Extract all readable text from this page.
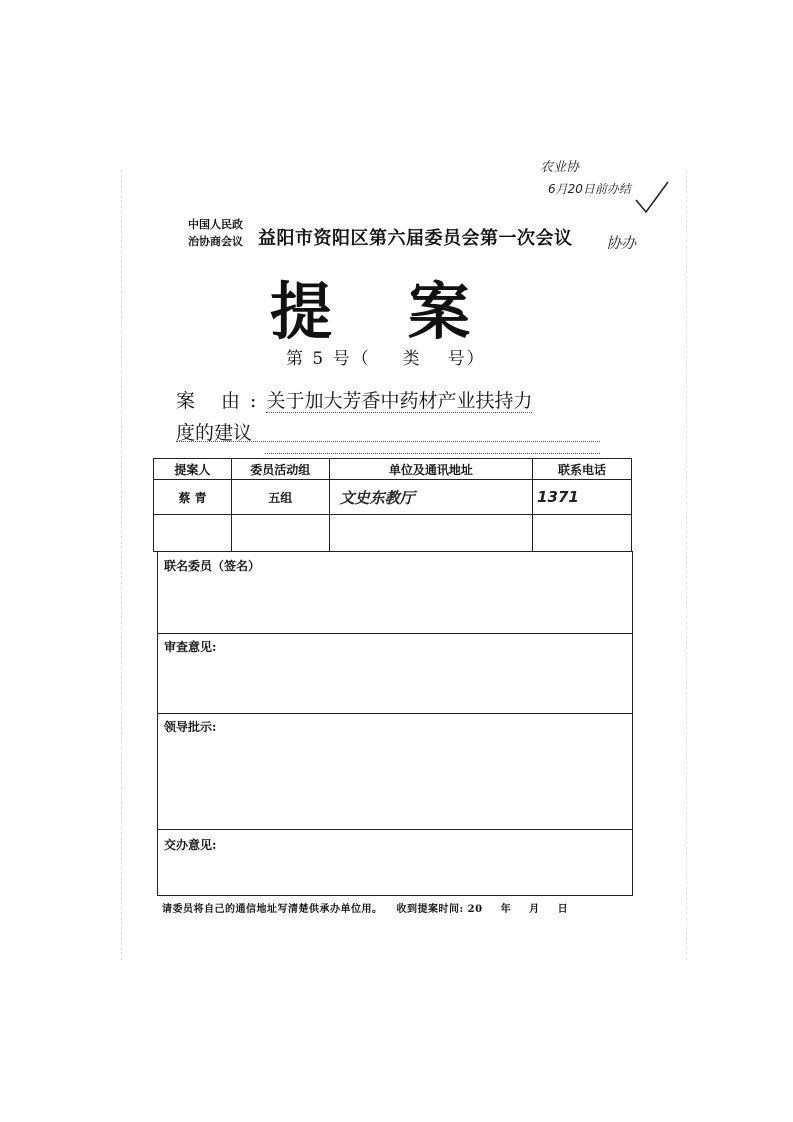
农业协
6月20日前办结
协办
中国人民政
治协商会议 益阳市资阳区第六届委员会第一次会议
提 案
第 5 号（ 类 号）
案 由:关于加大芳香中药材产业扶持力
度的建议
提案人	委员活动组	单位及通讯地址	联系电话
蔡 青	五组	文史东教厅	1371

联名委员（签名）
审查意见:
领导批示:
交办意见:
请委员将自己的通信地址写清楚供承办单位用。 收到提案时间: 20 年 月 日
